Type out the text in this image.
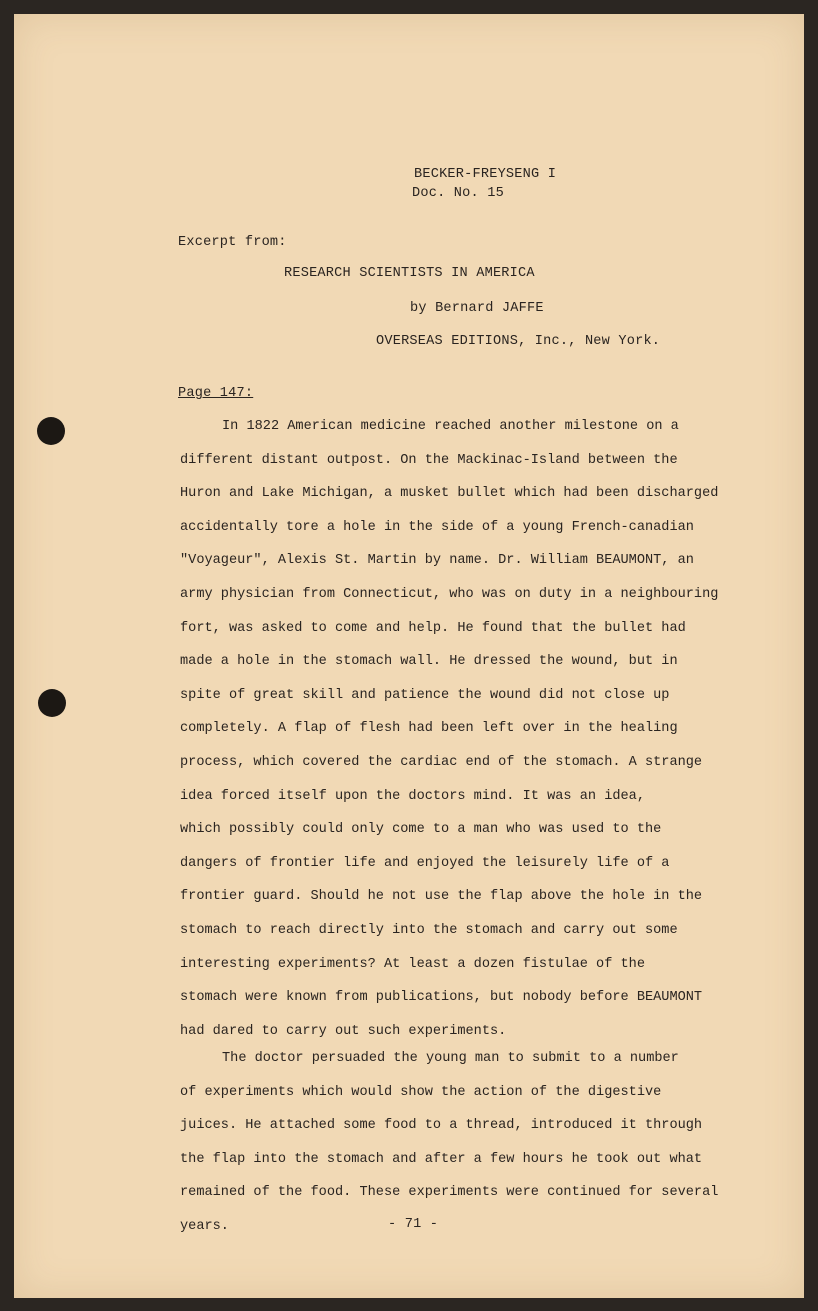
BECKER-FREYSENG I
Doc. No. 15
Excerpt from:
RESEARCH SCIENTISTS IN AMERICA
by Bernard JAFFE
OVERSEAS EDITIONS, Inc., New York.
Page 147:

In 1822 American medicine reached another milestone on a
different distant outpost. On the Mackinac-Island between the
Huron and Lake Michigan, a musket bullet which had been discharged
accidentally tore a hole in the side of a young French-canadian
"Voyageur", Alexis St. Martin by name. Dr. William BEAUMONT, an
army physician from Connecticut, who was on duty in a neighbouring
fort, was asked to come and help. He found that the bullet had
made a hole in the stomach wall. He dressed the wound, but in
spite of great skill and patience the wound did not close up
completely. A flap of flesh had been left over in the healing
process, which covered the cardiac end of the stomach. A strange
idea forced itself upon the doctors mind. It was an idea,
which possibly could only come to a man who was used to the
dangers of frontier life and enjoyed the leisurely life of a
frontier guard. Should he not use the flap above the hole in the
stomach to reach directly into the stomach and carry out some
interesting experiments? At least a dozen fistulae of the
stomach were known from publications, but nobody before BEAUMONT
had dared to carry out such experiments.

The doctor persuaded the young man to submit to a number
of experiments which would show the action of the digestive
juices. He attached some food to a thread, introduced it through
the flap into the stomach and after a few hours he took out what
remained of the food. These experiments were continued for several
years.	- 71 -
